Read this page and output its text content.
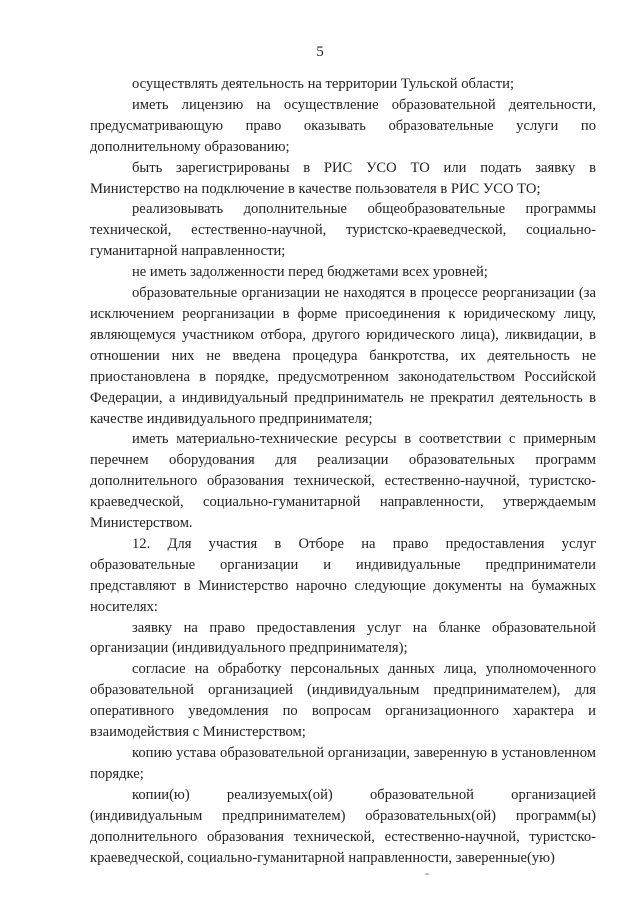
5

осуществлять деятельность на территории Тульской области;

иметь лицензию на осуществление образовательной деятельности, предусматривающую право оказывать образовательные услуги по дополнительному образованию;

быть зарегистрированы в РИС УСО ТО или подать заявку в Министерство на подключение в качестве пользователя в РИС УСО ТО;

реализовывать дополнительные общеобразовательные программы технической, естественно-научной, туристско-краеведческой, социально-гуманитарной направленности;

не иметь задолженности перед бюджетами всех уровней;

образовательные организации не находятся в процессе реорганизации (за исключением реорганизации в форме присоединения к юридическому лицу, являющемуся участником отбора, другого юридического лица), ликвидации, в отношении них не введена процедура банкротства, их деятельность не приостановлена в порядке, предусмотренном законодательством Российской Федерации, а индивидуальный предприниматель не прекратил деятельность в качестве индивидуального предпринимателя;

иметь материально-технические ресурсы в соответствии с примерным перечнем оборудования для реализации образовательных программ дополнительного образования технической, естественно-научной, туристско-краеведческой, социально-гуманитарной направленности, утверждаемым Министерством.

12. Для участия в Отборе на право предоставления услуг образовательные организации и индивидуальные предприниматели представляют в Министерство нарочно следующие документы на бумажных носителях:

заявку на право предоставления услуг на бланке образовательной организации (индивидуального предпринимателя);

согласие на обработку персональных данных лица, уполномоченного образовательной организацией (индивидуальным предпринимателем), для оперативного уведомления по вопросам организационного характера и взаимодействия с Министерством;

копию устава образовательной организации, заверенную в установленном порядке;

копии(ю) реализуемых(ой) образовательной организацией (индивидуальным предпринимателем) образовательных(ой) программ(ы) дополнительного образования технической, естественно-научной, туристско-краеведческой, социально-гуманитарной направленности, заверенные(ую)

-
